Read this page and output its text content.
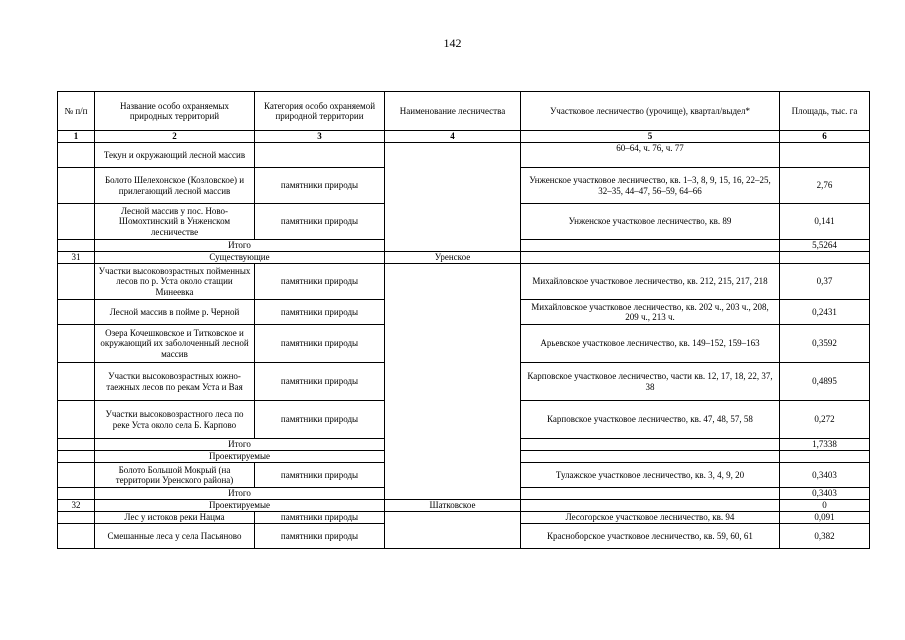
142
№ п/п	Название особо охраняемых природных территорий	Категория особо охраняемой природной территории	Наименование лесничества	Участковое лесничество (урочище), квартал/выдел*	Площадь, тыс. га
1	2	3	4	5	6
	Текун и окружающий лесной массив			60–64, ч. 76, ч. 77	
	Болото Шелехонское (Козловское) и прилегающий лесной массив	памятники природы		Унженское участковое лесничество, кв. 1–3, 8, 9, 15, 16, 22–25, 32–35, 44–47, 56–59, 64–66	2,76
	Лесной массив у пос. Ново-Шомохтинский в Унженском лесничестве	памятники природы		Унженское участковое лесничество, кв. 89	0,141
	Итого				5,5264
31	Существующие		Уренское		
	Участки высоковозрастных пойменных лесов по р. Уста около стащии Минеевка	памятники природы		Михайловское участковое лесничество, кв. 212, 215, 217, 218	0,37
	Лесной массив в пойме р. Черной	памятники природы		Михайловское участковое лесничество, кв. 202 ч., 203 ч., 208, 209 ч., 213 ч.	0,2431
	Озера Кочешковское и Титковское и окружающий их заболоченный лесной массив	памятники природы		Арьевское участковое лесничество, кв. 149–152, 159–163	0,3592
	Участки высоковозрастных южно-таежных лесов по рекам Уста и Вая	памятники природы		Карповское участковое лесничество, части кв. 12, 17, 18, 22, 37, 38	0,4895
	Участки высоковозрастного леса по реке Уста около села Б. Карпово	памятники природы		Карповское участковое лесничество, кв. 47, 48, 57, 58	0,272
	Итого				1,7338
	Проектируемые				
	Болото Большой Мокрый (на территории Уренского района)	памятники природы		Тулажское участковое лесничество, кв. 3, 4, 9, 20	0,3403
	Итого				0,3403
32	Проектируемые		Шатковское		0
	Лес у истоков реки Нацма	памятники природы		Лесогорское участковое лесничество, кв. 94	0,091
	Смешанные леса у села Пасьяново	памятники природы		Красноборское участковое лесничество, кв. 59, 60, 61	0,382
